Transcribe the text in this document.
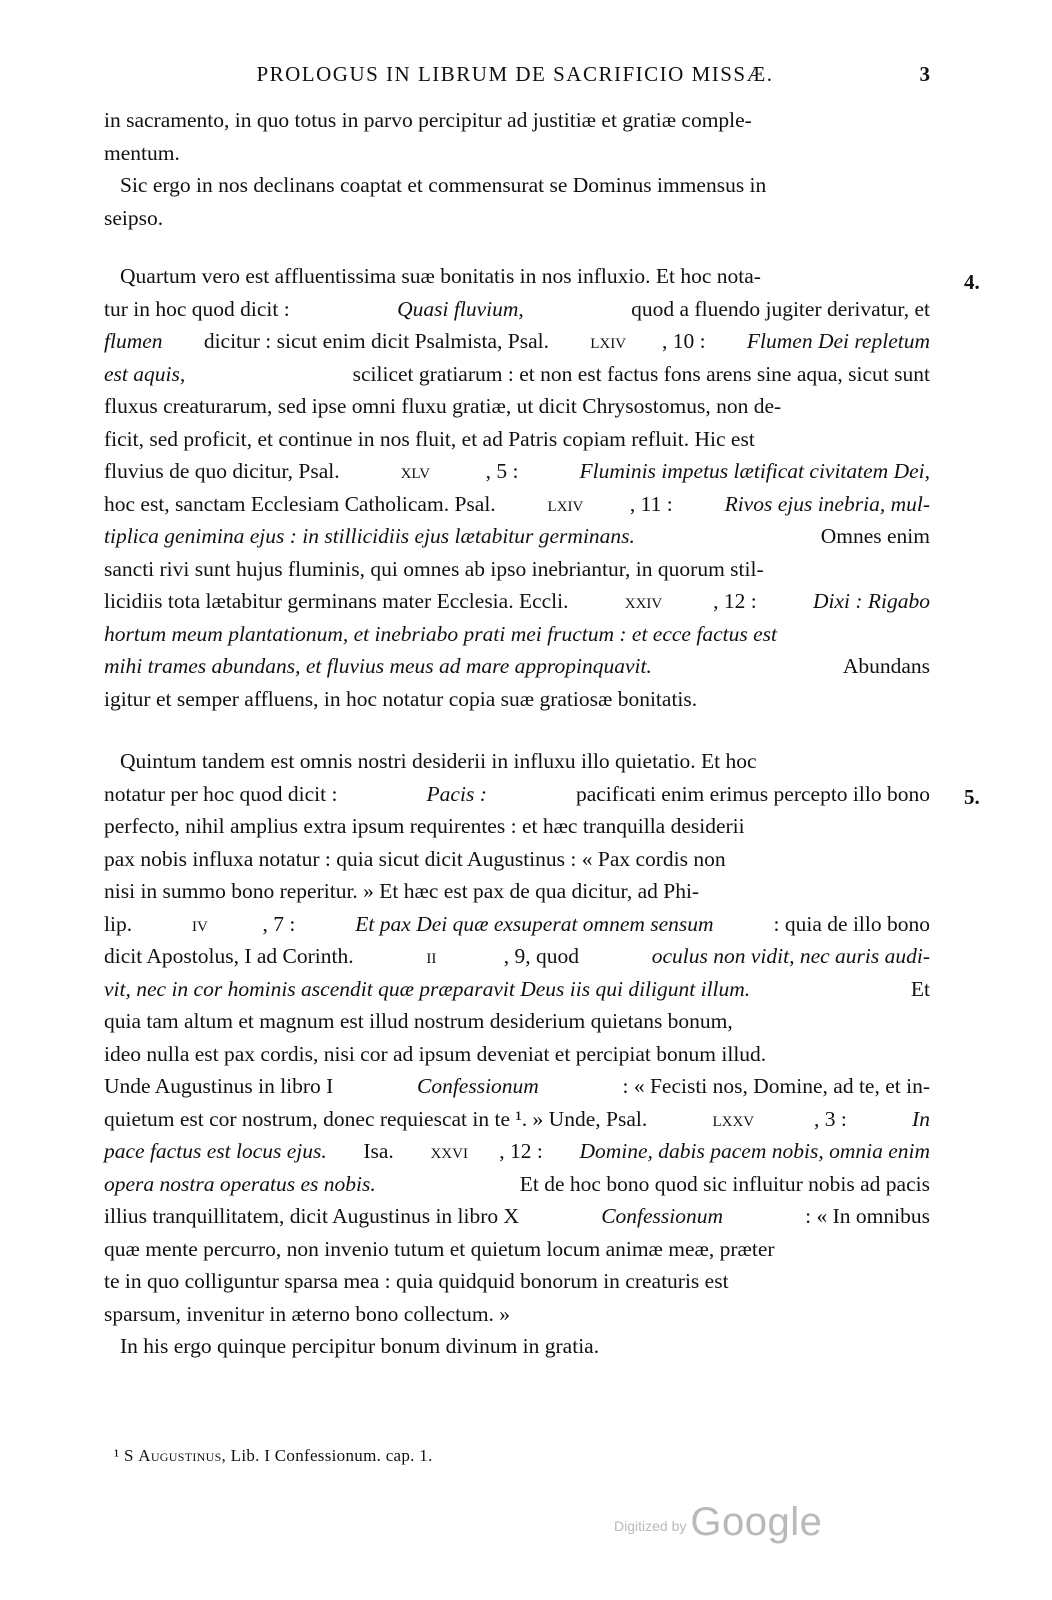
PROLOGUS IN LIBRUM DE SACRIFICIO MISSÆ.	3
4.
5.
in sacramento, in quo totus in parvo percipitur ad justitiæ et gratiæ comple-
mentum.
Sic ergo in nos declinans coaptat et commensurat se Dominus immensus in
seipso.
Quartum vero est affluentissima suæ bonitatis in nos influxio. Et hoc nota-
tur in hoc quod dicit :	Quasi fluvium,	quod a fluendo jugiter derivatur, et
flumen dicitur : sicut enim dicit Psalmista, Psal. lxiv , 10 : Flumen Dei repletum
est aquis,	scilicet gratiarum : et non est factus fons arens sine aqua, sicut sunt
fluxus creaturarum, sed ipse omni fluxu gratiæ, ut dicit Chrysostomus, non de-
ficit, sed proficit, et continue in nos fluit, et ad Patris copiam refluit. Hic est
fluvius de quo dicitur, Psal.	xlv	, 5 :	Fluminis impetus lætificat civitatem Dei,
hoc est, sanctam Ecclesiam Catholicam. Psal. lxiv , 11 : Rivos ejus inebria, mul-
tiplica genimina ejus : in stillicidiis ejus lætabitur germinans.	Omnes enim
sancti rivi sunt hujus fluminis, qui omnes ab ipso inebriantur, in quorum stil-
licidiis tota lætabitur germinans mater Ecclesia. Eccli. xxiv , 12 : Dixi : Rigabo
hortum meum plantationum, et inebriabo prati mei fructum : et ecce factus est
mihi trames abundans, et fluvius meus ad mare appropinquavit.	Abundans
igitur et semper affluens, in hoc notatur copia suæ gratiosæ bonitatis.
Quintum tandem est omnis nostri desiderii in influxu illo quietatio. Et hoc
notatur per hoc quod dicit :	Pacis :	pacificati enim erimus percepto illo bono
perfecto, nihil amplius extra ipsum requirentes : et hæc tranquilla desiderii
pax nobis influxa notatur : quia sicut dicit Augustinus : « Pax cordis non
nisi in summo bono reperitur. » Et hæc est pax de qua dicitur, ad Phi-
lip.	iv	, 7 :	Et pax Dei quæ exsuperat omnem sensum	: quia de illo bono
dicit Apostolus, I ad Corinth.	ii	, 9, quod	oculus non vidit, nec auris audi-
vit, nec in cor hominis ascendit quæ præparavit Deus iis qui diligunt illum.	Et
quia tam altum et magnum est illud nostrum desiderium quietans bonum,
ideo nulla est pax cordis, nisi cor ad ipsum deveniat et percipiat bonum illud.
Unde Augustinus in libro I	Confessionum	: « Fecisti nos, Domine, ad te, et in-
quietum est cor nostrum, donec requiescat in te ¹. » Unde, Psal.	lxxv	, 3 :	In
pace factus est locus ejus. Isa. xxvi , 12 : Domine, dabis pacem nobis, omnia enim
opera nostra operatus es nobis.	Et de hoc bono quod sic influitur nobis ad pacis
illius tranquillitatem, dicit Augustinus in libro X	Confessionum	: « In omnibus
quæ mente percurro, non invenio tutum et quietum locum animæ meæ, præter
te in quo colliguntur sparsa mea : quia quidquid bonorum in creaturis est
sparsum, invenitur in æterno bono collectum. »
In his ergo quinque percipitur bonum divinum in gratia.
¹ S Augustinus, Lib. I Confessionum. cap. 1.
Digitized by Google
